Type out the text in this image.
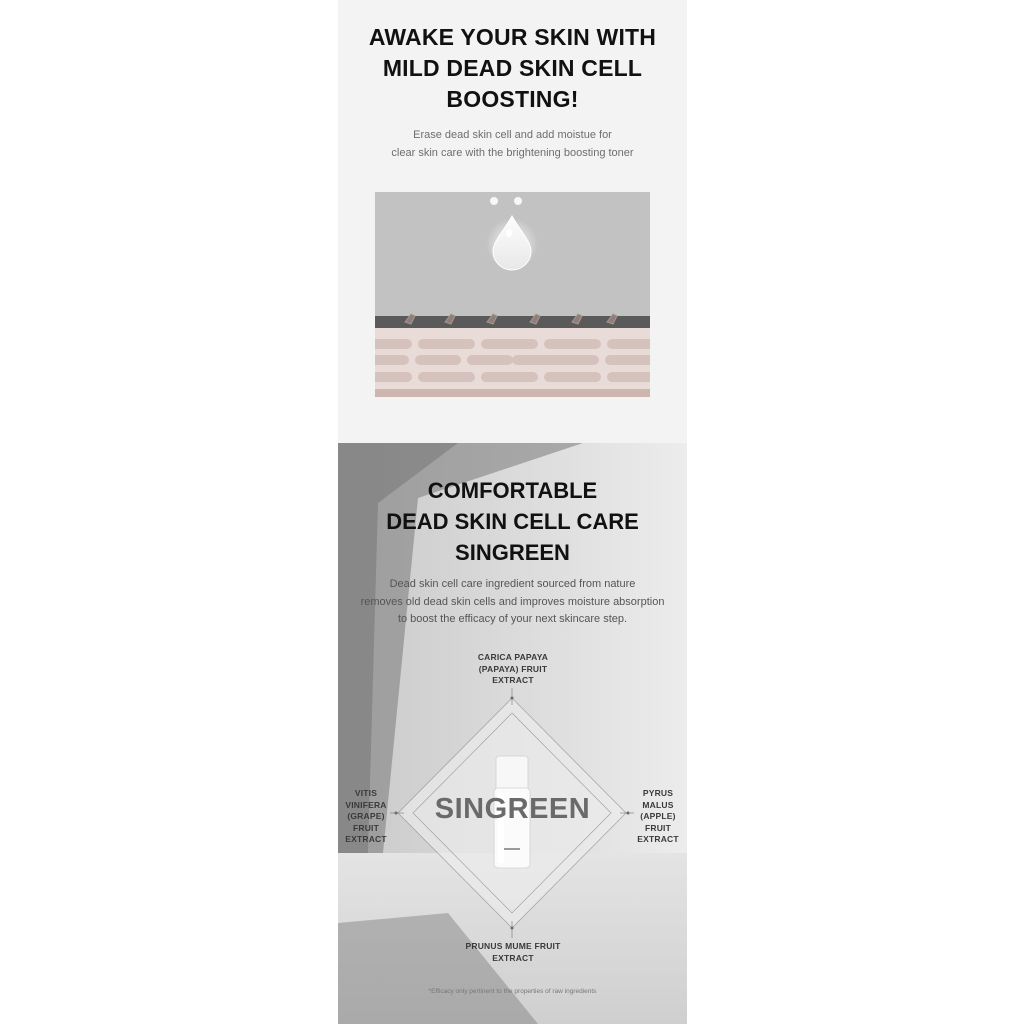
AWAKE YOUR SKIN WITH
MILD DEAD SKIN CELL
BOOSTING!
Erase dead skin cell and add moistue for
clear skin care with the brightening boosting toner
COMFORTABLE
DEAD SKIN CELL CARE
SINGREEN
Dead skin cell care ingredient sourced from nature
removes old dead skin cells and improves moisture absorption
to boost the efficacy of your next skincare step.
CARICA PAPAYA
(PAPAYA) FRUIT
EXTRACT
VITIS
VINIFERA
(GRAPE)
FRUIT
EXTRACT
PYRUS
MALUS
(APPLE)
FRUIT
EXTRACT
PRUNUS MUME FRUIT
EXTRACT
SINGREEN
*Efficacy only pertinent to the properties of raw ingredients
